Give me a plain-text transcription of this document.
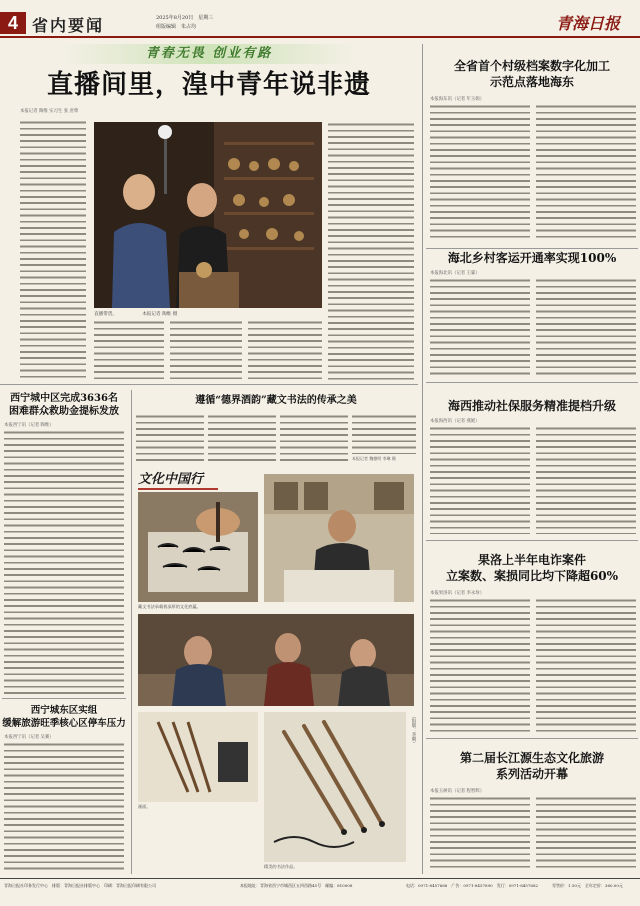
4 省内要闻	2025年8月20日　星期三
组版编辑　朱占均	青海日报
青春无畏 创业有路
直播间里，湟中青年说非遗
本报记者 陶维 实习生 张 庶尊
直播带货。　　　　　　本报记者 陶维 摄
西宁城中区完成3636名
困难群众救助金提标发放
本报西宁讯（记者 陶维）
西宁城东区实组
缓解旅游旺季核心区停车压力
本报西宁讯（记者 吴赛）
遵循“德界酒韵”藏文书法的传承之美
本报记者 魏德明 李琳 摄
文化中国行
藏文书法承载着深厚的文化底蕴。
画面。
（组版：李朝）
精美的书法作品。
全省首个村级档案数字化加工
示范点落地海东
本报海东讯（记者 年玉娟）
海北乡村客运开通率实现100%
本报海北讯（记者 王霖）
海西推动社保服务精准提档升级
本报海西讯（记者 燕妮）
果洛上半年电诈案件
立案数、案损同比均下降超60%
本报果洛讯（记者 李永珍）
第二届长江源生态文化旅游
系列活动开幕
本报玉树讯（记者 程智辉）
青海日报社印务发行中心　排版：青海日报社排版中心　印刷：青海日报印刷有限公司	本报地址：青海省西宁市城西区五四西路45号　邮编：810008	电话：0971-8457688　广告：0971-8457890　发行：0971-8457682	零售价：1.50元　全年定价：360.00元
